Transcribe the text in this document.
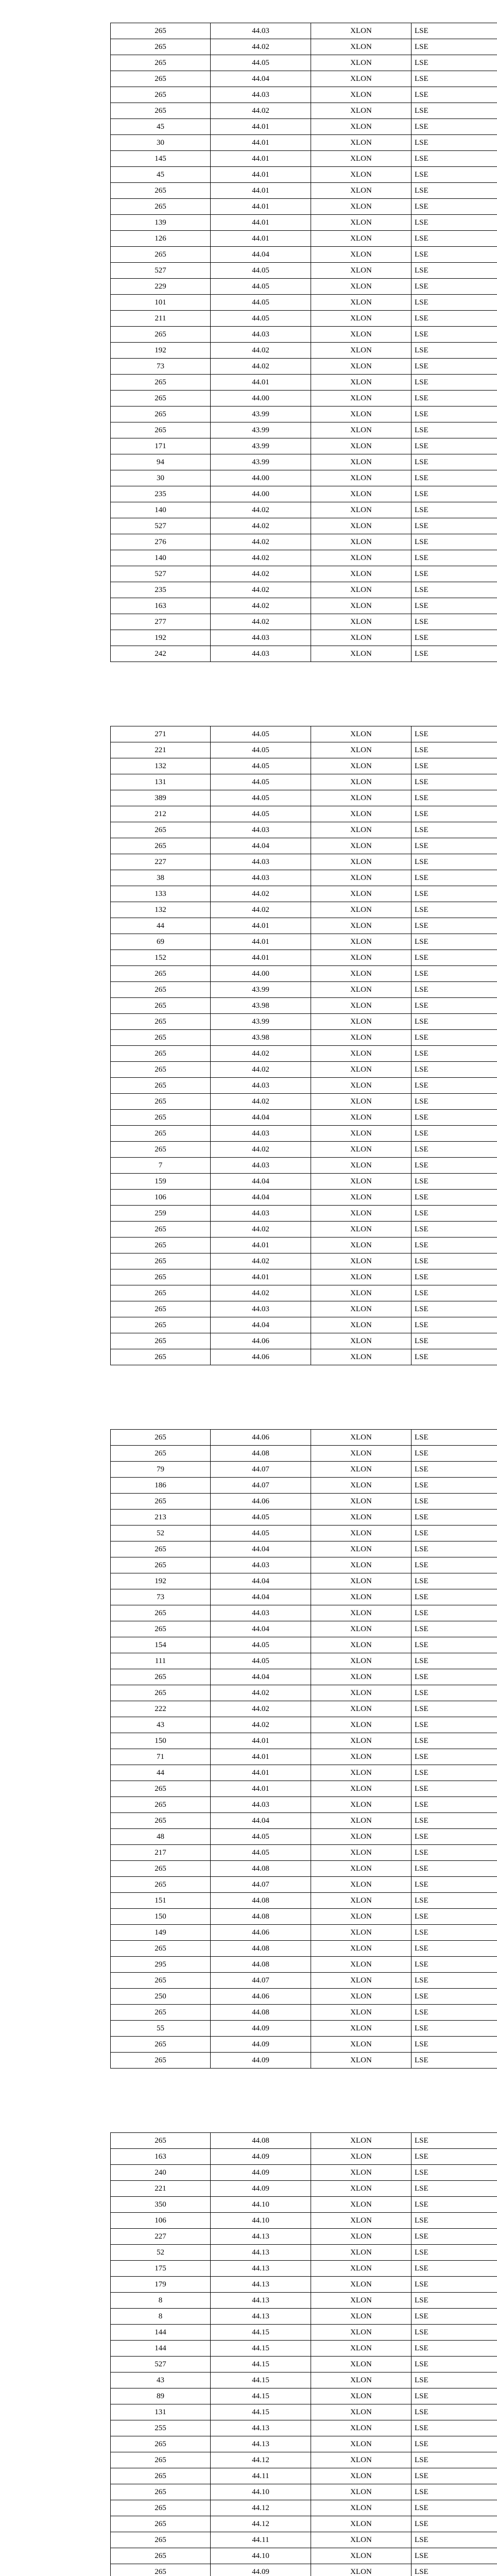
265	44.03	XLON	LSE
265	44.02	XLON	LSE
265	44.05	XLON	LSE
265	44.04	XLON	LSE
265	44.03	XLON	LSE
265	44.02	XLON	LSE
45	44.01	XLON	LSE
30	44.01	XLON	LSE
145	44.01	XLON	LSE
45	44.01	XLON	LSE
265	44.01	XLON	LSE
265	44.01	XLON	LSE
139	44.01	XLON	LSE
126	44.01	XLON	LSE
265	44.04	XLON	LSE
527	44.05	XLON	LSE
229	44.05	XLON	LSE
101	44.05	XLON	LSE
211	44.05	XLON	LSE
265	44.03	XLON	LSE
192	44.02	XLON	LSE
73	44.02	XLON	LSE
265	44.01	XLON	LSE
265	44.00	XLON	LSE
265	43.99	XLON	LSE
265	43.99	XLON	LSE
171	43.99	XLON	LSE
94	43.99	XLON	LSE
30	44.00	XLON	LSE
235	44.00	XLON	LSE
140	44.02	XLON	LSE
527	44.02	XLON	LSE
276	44.02	XLON	LSE
140	44.02	XLON	LSE
527	44.02	XLON	LSE
235	44.02	XLON	LSE
163	44.02	XLON	LSE
277	44.02	XLON	LSE
192	44.03	XLON	LSE
242	44.03	XLON	LSE
271	44.05	XLON	LSE
221	44.05	XLON	LSE
132	44.05	XLON	LSE
131	44.05	XLON	LSE
389	44.05	XLON	LSE
212	44.05	XLON	LSE
265	44.03	XLON	LSE
265	44.04	XLON	LSE
227	44.03	XLON	LSE
38	44.03	XLON	LSE
133	44.02	XLON	LSE
132	44.02	XLON	LSE
44	44.01	XLON	LSE
69	44.01	XLON	LSE
152	44.01	XLON	LSE
265	44.00	XLON	LSE
265	43.99	XLON	LSE
265	43.98	XLON	LSE
265	43.99	XLON	LSE
265	43.98	XLON	LSE
265	44.02	XLON	LSE
265	44.02	XLON	LSE
265	44.03	XLON	LSE
265	44.02	XLON	LSE
265	44.04	XLON	LSE
265	44.03	XLON	LSE
265	44.02	XLON	LSE
7	44.03	XLON	LSE
159	44.04	XLON	LSE
106	44.04	XLON	LSE
259	44.03	XLON	LSE
265	44.02	XLON	LSE
265	44.01	XLON	LSE
265	44.02	XLON	LSE
265	44.01	XLON	LSE
265	44.02	XLON	LSE
265	44.03	XLON	LSE
265	44.04	XLON	LSE
265	44.06	XLON	LSE
265	44.06	XLON	LSE
265	44.06	XLON	LSE
265	44.08	XLON	LSE
79	44.07	XLON	LSE
186	44.07	XLON	LSE
265	44.06	XLON	LSE
213	44.05	XLON	LSE
52	44.05	XLON	LSE
265	44.04	XLON	LSE
265	44.03	XLON	LSE
192	44.04	XLON	LSE
73	44.04	XLON	LSE
265	44.03	XLON	LSE
265	44.04	XLON	LSE
154	44.05	XLON	LSE
111	44.05	XLON	LSE
265	44.04	XLON	LSE
265	44.02	XLON	LSE
222	44.02	XLON	LSE
43	44.02	XLON	LSE
150	44.01	XLON	LSE
71	44.01	XLON	LSE
44	44.01	XLON	LSE
265	44.01	XLON	LSE
265	44.03	XLON	LSE
265	44.04	XLON	LSE
48	44.05	XLON	LSE
217	44.05	XLON	LSE
265	44.08	XLON	LSE
265	44.07	XLON	LSE
151	44.08	XLON	LSE
150	44.08	XLON	LSE
149	44.06	XLON	LSE
265	44.08	XLON	LSE
295	44.08	XLON	LSE
265	44.07	XLON	LSE
250	44.06	XLON	LSE
265	44.08	XLON	LSE
55	44.09	XLON	LSE
265	44.09	XLON	LSE
265	44.09	XLON	LSE
265	44.08	XLON	LSE
163	44.09	XLON	LSE
240	44.09	XLON	LSE
221	44.09	XLON	LSE
350	44.10	XLON	LSE
106	44.10	XLON	LSE
227	44.13	XLON	LSE
52	44.13	XLON	LSE
175	44.13	XLON	LSE
179	44.13	XLON	LSE
8	44.13	XLON	LSE
8	44.13	XLON	LSE
144	44.15	XLON	LSE
144	44.15	XLON	LSE
527	44.15	XLON	LSE
43	44.15	XLON	LSE
89	44.15	XLON	LSE
131	44.15	XLON	LSE
255	44.13	XLON	LSE
265	44.13	XLON	LSE
265	44.12	XLON	LSE
265	44.11	XLON	LSE
265	44.10	XLON	LSE
265	44.12	XLON	LSE
265	44.12	XLON	LSE
265	44.11	XLON	LSE
265	44.10	XLON	LSE
265	44.09	XLON	LSE
